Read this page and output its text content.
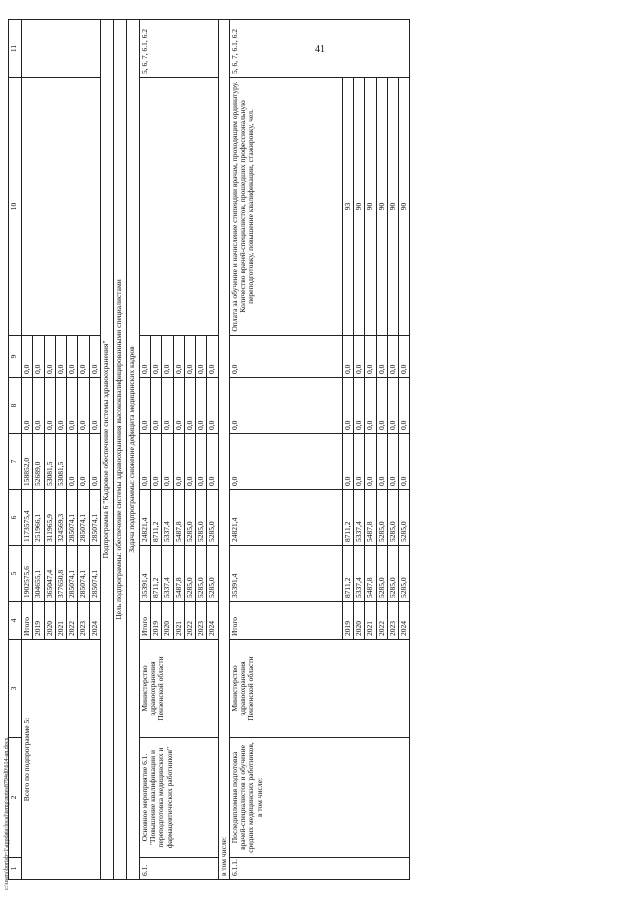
41
1	2	3	4	5	6	7	8	9	10	11
Всего по подпрограмме 5:			Итого	1902575,6	1173575,4	158852,0	0,0	0,0		
			2019	304655,1	251966,1	52689,0	0,0	0,0		
			2020	365047,4	311965,9	53081,5	0,0	0,0		
			2021	377650,8	324569,3	53081,5	0,0	0,0		
			2022	285074,1	285074,1	0,0	0,0	0,0		
			2023	285074,1	285074,1	0,0	0,0	0,0		
			2024	285074,1	285074,1	0,0	0,0	0,0		
Подпрограмма 6 "Кадровое обеспечение системы здравоохранения"										
Цель подпрограммы: обеспечение системы здравоохранения высококвалифицированными специалистами										
Задача подпрограммы: снижение дефицита медицинских кадров										
6.1.	Основное мероприятие 6.1. "Повышение квалификации и переподготовка медицинских и фармацевтических работников"	Министерство здравоохранения Пензенской области	Итого	35391,4	24821,4	0,0	0,0	0,0		5, 6, 7, 6.1, 6.2
			2019	8711,2	8711,2	0,0	0,0	0,0		
			2020	5337,4	5337,4	0,0	0,0	0,0		
			2021	5487,8	5487,8	0,0	0,0	0,0		
			2022	5285,0	5285,0	0,0	0,0	0,0		
			2023	5285,0	5285,0	0,0	0,0	0,0		
			2024	5285,0	5285,0	0,0	0,0	0,0		
в том числе:										
6.1.1.	Последипломная подготовка врачей-специалистов и обучение средних медицинских работников, в том числе:	Министерство здравоохранения Пензенской области	Итого	35391,4	24821,4	0,0	0,0	0,0	Оплата за обучение и начисление стипендии врачам, проходящим ординатуру. Количество врачей-специалистов, прошедших профессиональную переподготовку, повышение квалификации, стажировку, чел.	5, 6, 7, 6.1, 6.2
			2019	8711,2	8711,2	0,0	0,0	0,0	93	
			2020	5337,4	5337,4	0,0	0,0	0,0	90	
			2021	5487,8	5487,8	0,0	0,0	0,0	90	
			2022	5285,0	5285,0	0,0	0,0	0,0	90	
			2023	5285,0	5285,0	0,0	0,0	0,0	90	
			2024	5285,0	5285,0	0,0	0,0	0,0	90	
c:\users\borisb~1\appdata\local\temp\notes8794d0\614-an.docx
